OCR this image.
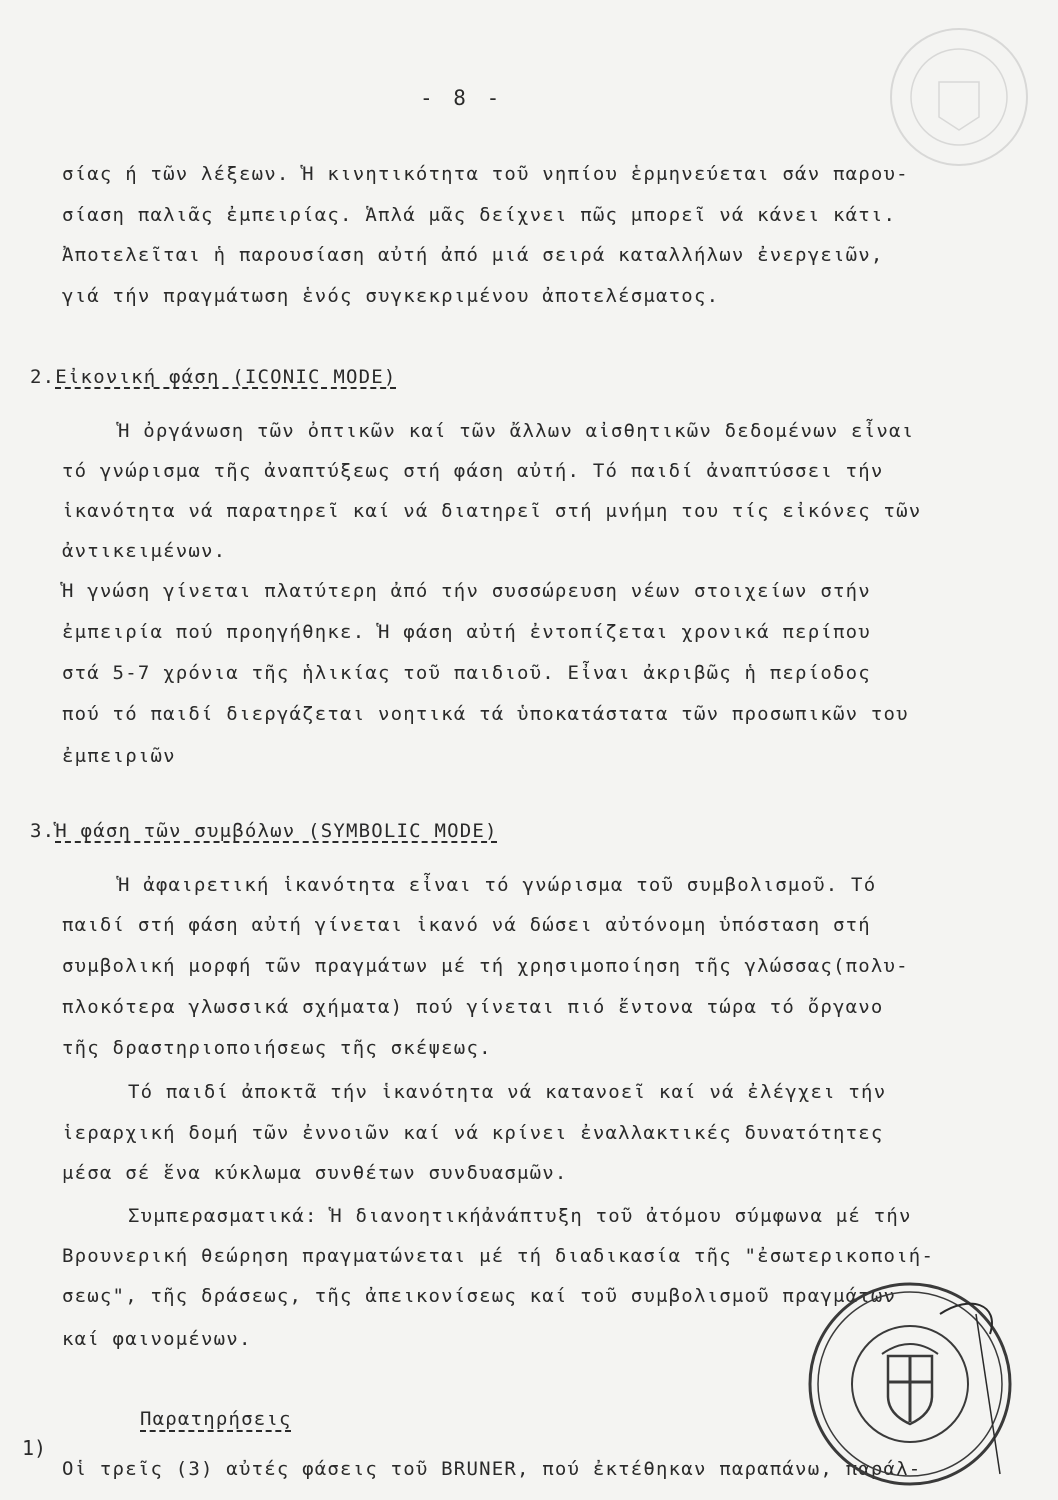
- 8 -
σίας ή τῶν λέξεων. Ἡ κινητικότητα τοῦ νηπίου ἑρμηνεύεται σάν παρου-
σίαση παλιᾶς ἐμπειρίας. Ἁπλά μᾶς δείχνει πῶς μπορεῖ νά κάνει κάτι.
Ἀποτελεῖται ἡ παρουσίαση αὐτή ἀπό μιά σειρά καταλλήλων ἐνεργειῶν,
γιά τήν πραγμάτωση ἑνός συγκεκριμένου ἀποτελέσματος.
2.Εἰκονική φάση (ICONIC MODE)
Ἡ ὀργάνωση τῶν ὀπτικῶν καί τῶν ἄλλων αἰσθητικῶν δεδομένων εἶναι
τό γνώρισμα τῆς ἀναπτύξεως στή φάση αὐτή. Τό παιδί ἀναπτύσσει τήν
ἱκανότητα νά παρατηρεῖ καί νά διατηρεῖ στή μνήμη του τίς εἰκόνες τῶν
ἀντικειμένων.
Ἡ γνώση γίνεται πλατύτερη ἀπό τήν συσσώρευση νέων στοιχείων στήν
ἐμπειρία πού προηγήθηκε. Ἡ φάση αὐτή ἐντοπίζεται χρονικά περίπου
στά 5-7 χρόνια τῆς ἡλικίας τοῦ παιδιοῦ. Εἶναι ἀκριβῶς ἡ περίοδος
πού τό παιδί διεργάζεται νοητικά τά ὑποκατάστατα τῶν προσωπικῶν του
ἐμπειριῶν
3.Ἡ φάση τῶν συμβόλων (SYMBOLIC MODE)
Ἡ ἀφαιρετική ἱκανότητα εἶναι τό γνώρισμα τοῦ συμβολισμοῦ. Τό
παιδί στή φάση αὐτή γίνεται ἱκανό νά δώσει αὐτόνομη ὑπόσταση στή
συμβολική μορφή τῶν πραγμάτων μέ τή χρησιμοποίηση τῆς γλώσσας(πολυ-
πλοκότερα γλωσσικά σχήματα) πού γίνεται πιό ἔντονα τώρα τό ὄργανο
τῆς δραστηριοποιήσεως τῆς σκέψεως.
Τό παιδί ἀποκτᾶ τήν ἱκανότητα νά κατανοεῖ καί νά ἐλέγχει τήν
ἱεραρχική δομή τῶν ἐννοιῶν καί νά κρίνει ἐναλλακτικές δυνατότητες
μέσα σέ ἕνα κύκλωμα συνθέτων συνδυασμῶν.
Συμπερασματικά: Ἡ διανοητικήἀνάπτυξη τοῦ ἀτόμου σύμφωνα μέ τήν
Βρουνερική θεώρηση πραγματώνεται μέ τή διαδικασία τῆς "ἐσωτερικοποιή-
σεως", τῆς δράσεως, τῆς ἀπεικονίσεως καί τοῦ συμβολισμοῦ πραγμάτων
καί φαινομένων.
Παρατηρήσεις
1)
Οἱ τρεῖς (3) αὐτές φάσεις τοῦ BRUNER, πού ἐκτέθηκαν παραπάνω, παράλ-
